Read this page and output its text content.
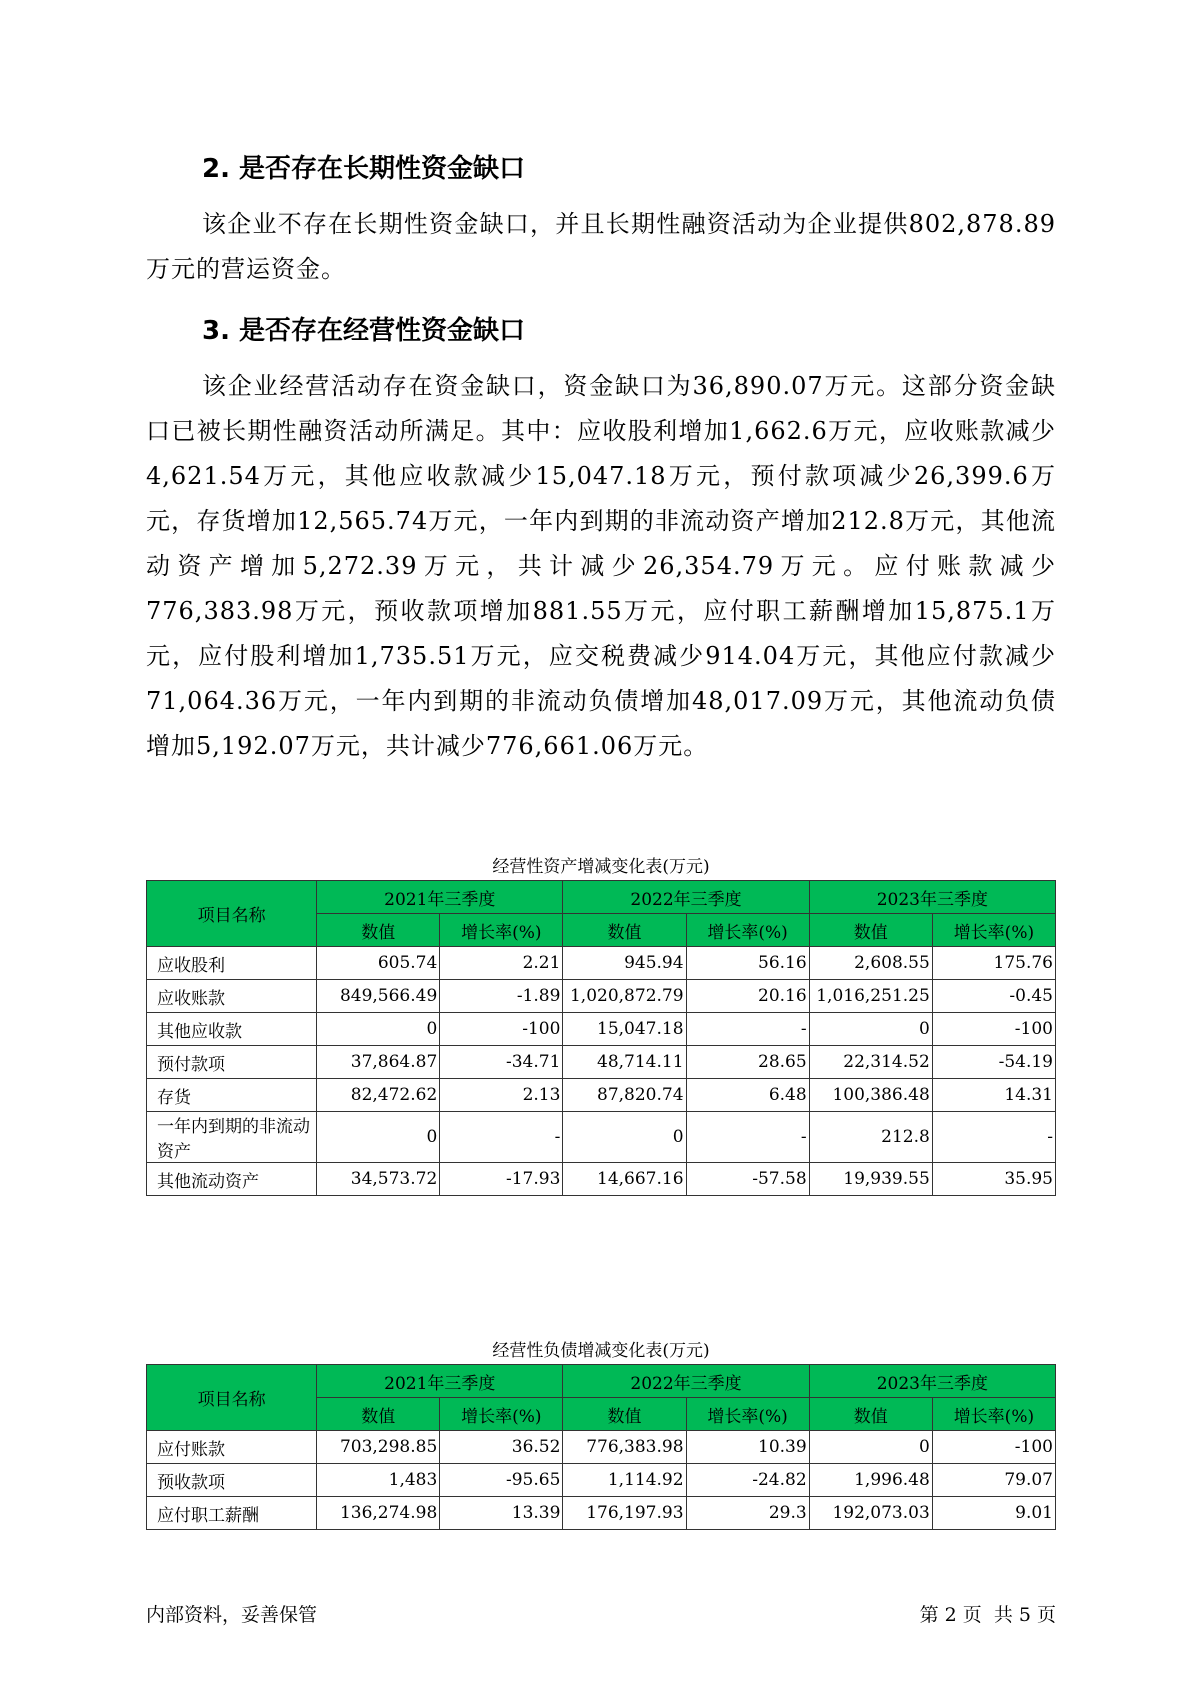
2. 是否存在长期性资金缺口

该企业不存在长期性资金缺口，并且长期性融资活动为企业提供802,878.89万元的营运资金。

3. 是否存在经营性资金缺口

该企业经营活动存在资金缺口，资金缺口为36,890.07万元。这部分资金缺口已被长期性融资活动所满足。其中：应收股利增加1,662.6万元，应收账款减少4,621.54万元，其他应收款减少15,047.18万元，预付款项减少26,399.6万元，存货增加12,565.74万元，一年内到期的非流动资产增加212.8万元，其他流动资产增加5,272.39万元，共计减少26,354.79万元。应付账款减少776,383.98万元，预收款项增加881.55万元，应付职工薪酬增加15,875.1万元，应付股利增加1,735.51万元，应交税费减少914.04万元，其他应付款减少71,064.36万元，一年内到期的非流动负债增加48,017.09万元，其他流动负债增加5,192.07万元，共计减少776,661.06万元。

经营性资产增减变化表(万元)
项目名称	2021年三季度		2022年三季度		2023年三季度	
	数值	增长率(%)	数值	增长率(%)	数值	增长率(%)
应收股利	605.74	2.21	945.94	56.16	2,608.55	175.76
应收账款	849,566.49	-1.89	1,020,872.79	20.16	1,016,251.25	-0.45
其他应收款	0	-100	15,047.18	-	0	-100
预付款项	37,864.87	-34.71	48,714.11	28.65	22,314.52	-54.19
存货	82,472.62	2.13	87,820.74	6.48	100,386.48	14.31
一年内到期的非流动资产	0	-	0	-	212.8	-
其他流动资产	34,573.72	-17.93	14,667.16	-57.58	19,939.55	35.95
经营性负债增减变化表(万元)
项目名称	2021年三季度		2022年三季度		2023年三季度	
	数值	增长率(%)	数值	增长率(%)	数值	增长率(%)
应付账款	703,298.85	36.52	776,383.98	10.39	0	-100
预收款项	1,483	-95.65	1,114.92	-24.82	1,996.48	79.07
应付职工薪酬	136,274.98	13.39	176,197.93	29.3	192,073.03	9.01
内部资料，妥善保管	第 2 页  共 5 页
